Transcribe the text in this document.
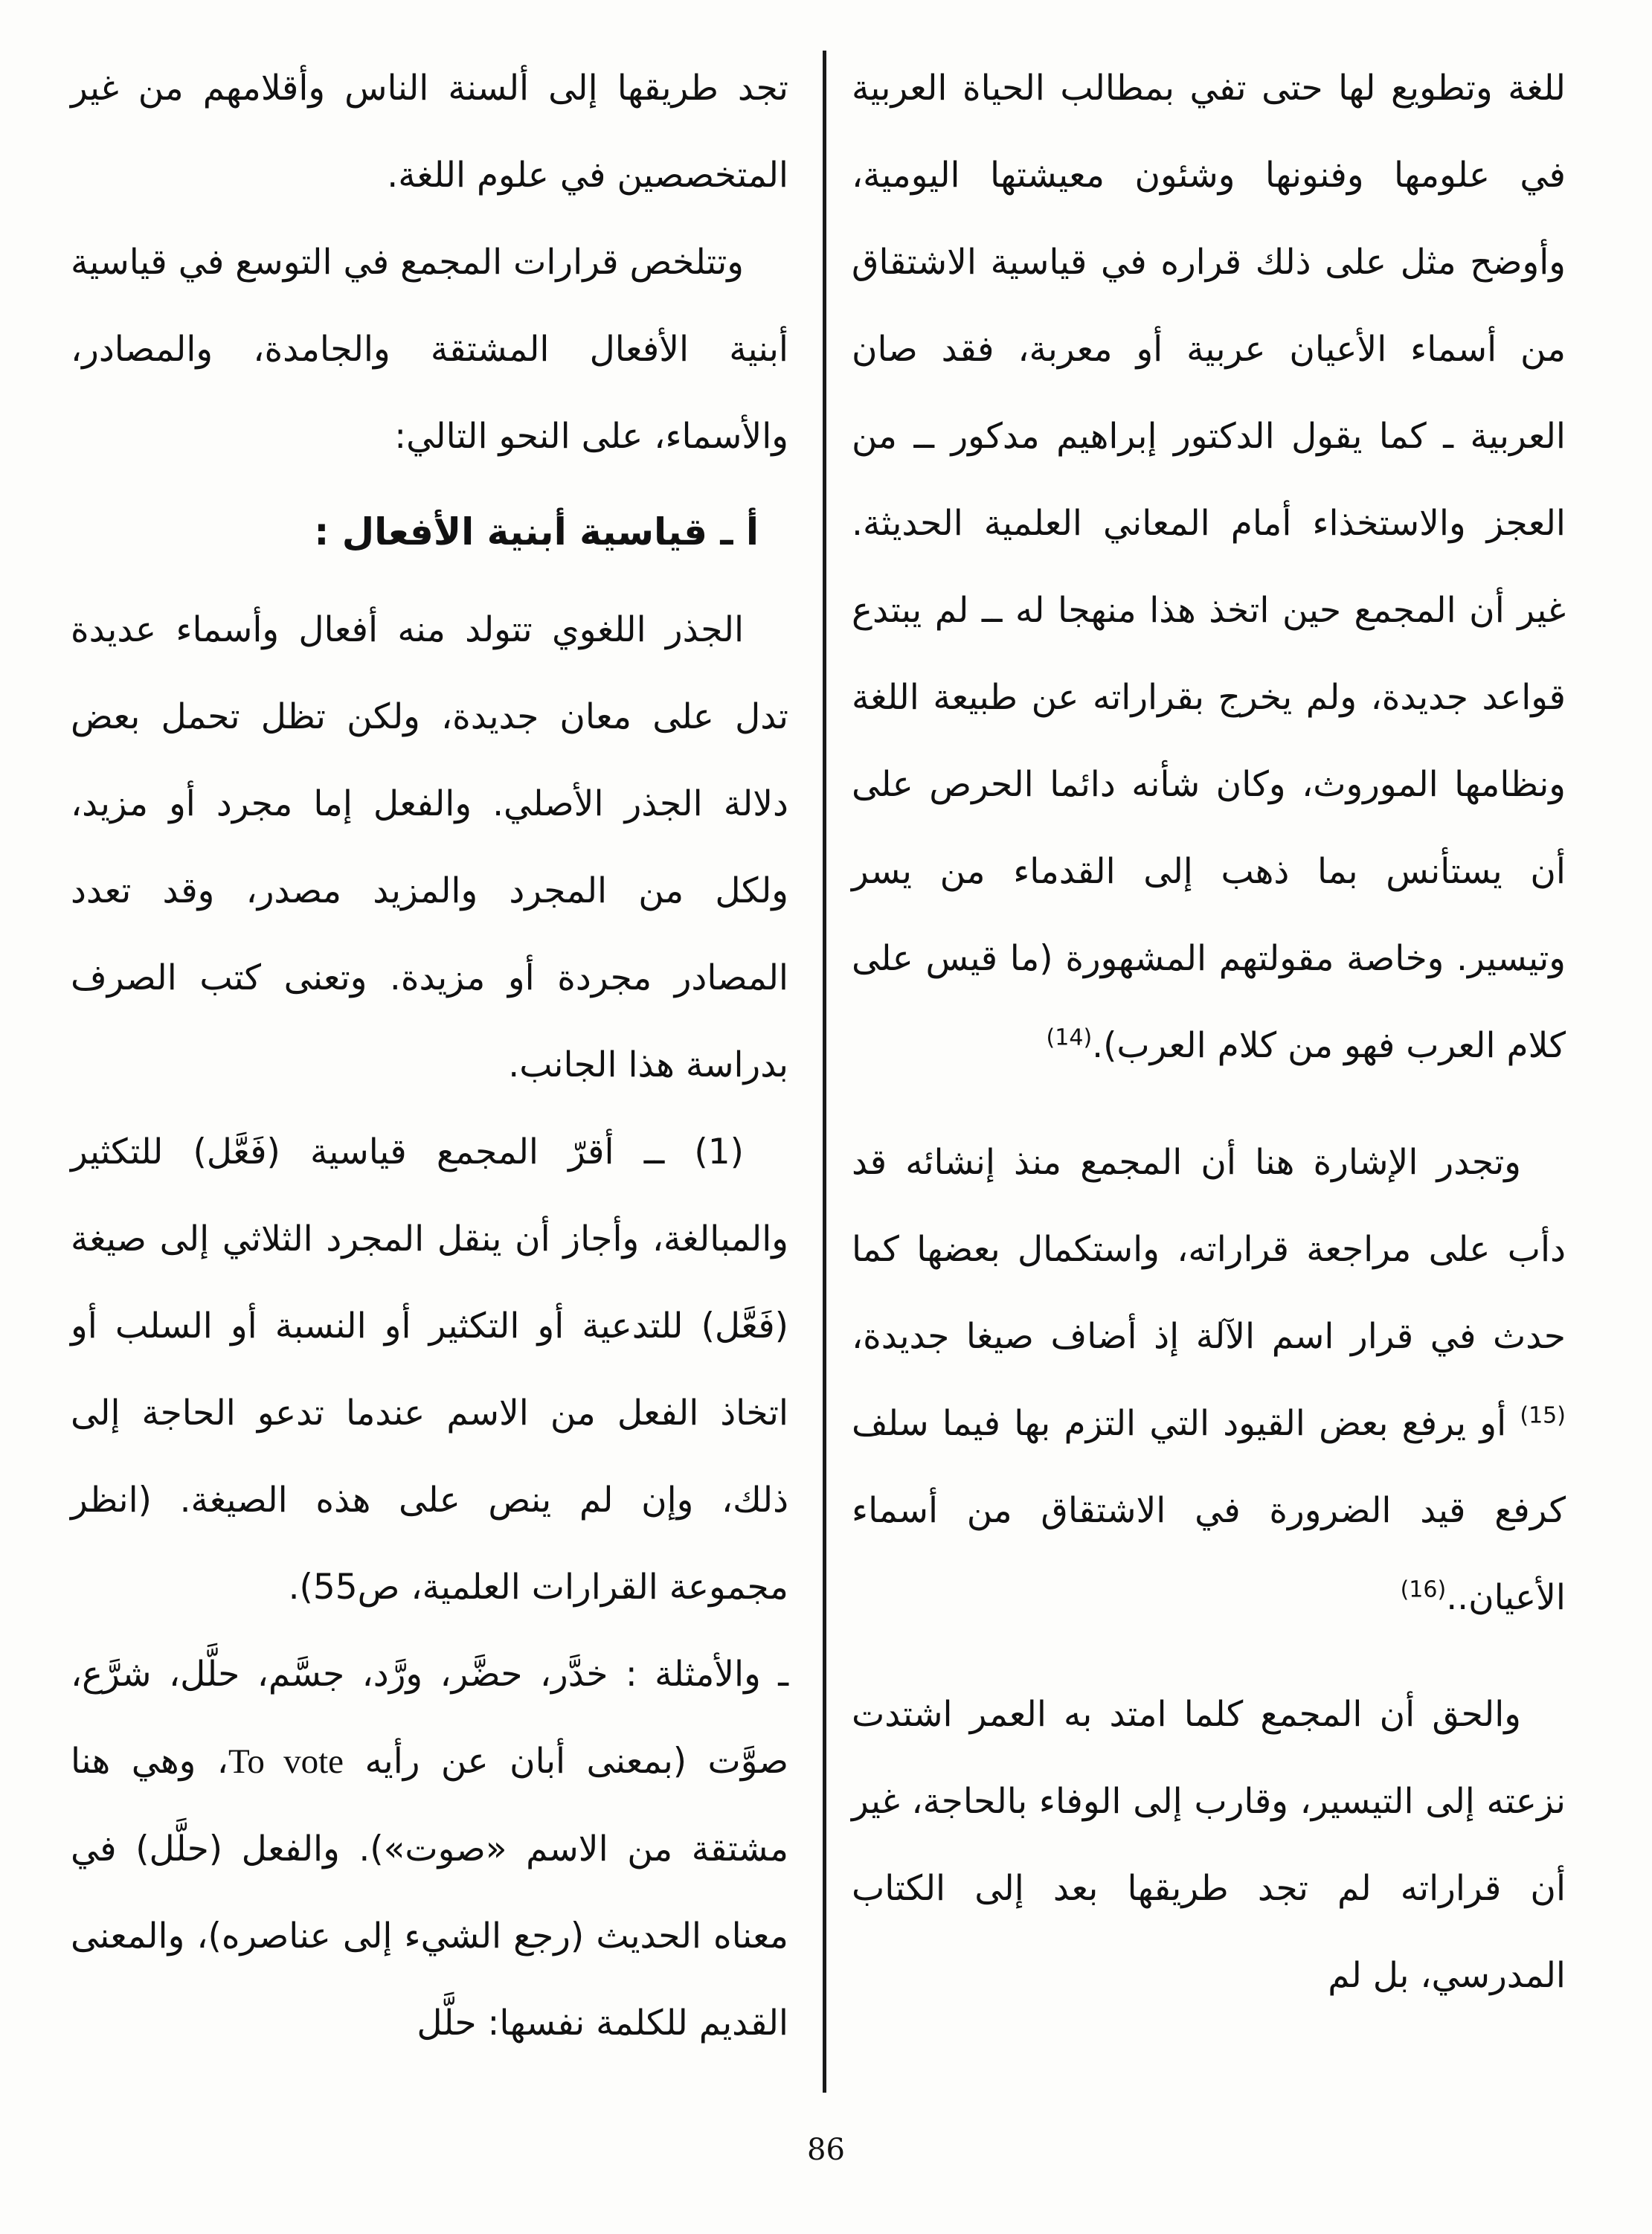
للغة وتطويع لها حتى تفي بمطالب الحياة العربية في علومها وفنونها وشئون معيشتها اليومية، وأوضح مثل على ذلك قراره في قياسية الاشتقاق من أسماء الأعيان عربية أو معربة، فقد صان العربية ـ كما يقول الدكتور إبراهيم مدكور ــ من العجز والاستخذاء أمام المعاني العلمية الحديثة. غير أن المجمع حين اتخذ هذا منهجا له ــ لم يبتدع قواعد جديدة، ولم يخرج بقراراته عن طبيعة اللغة ونظامها الموروث، وكان شأنه دائما الحرص على أن يستأنس بما ذهب إلى القدماء من يسر وتيسير. وخاصة مقولتهم المشهورة (ما قيس على كلام العرب فهو من كلام العرب).$^{(14)}$

وتجدر الإشارة هنا أن المجمع منذ إنشائه قد دأب على مراجعة قراراته، واستكمال بعضها كما حدث في قرار اسم الآلة إذ أضاف صيغا جديدة،$^{(15)}$ أو يرفع بعض القيود التي التزم بها فيما سلف كرفع قيد الضرورة في الاشتقاق من أسماء الأعيان..$^{(16)}$

والحق أن المجمع كلما امتد به العمر اشتدت نزعته إلى التيسير، وقارب إلى الوفاء بالحاجة، غير أن قراراته لم تجد طريقها بعد إلى الكتاب المدرسي، بل لم

تجد طريقها إلى ألسنة الناس وأقلامهم من غير المتخصصين في علوم اللغة.

وتتلخص قرارات المجمع في التوسع في قياسية أبنية الأفعال المشتقة والجامدة، والمصادر، والأسماء، على النحو التالي:

أ ـ قياسية أبنية الأفعال :

الجذر اللغوي تتولد منه أفعال وأسماء عديدة تدل على معان جديدة، ولكن تظل تحمل بعض دلالة الجذر الأصلي. والفعل إما مجرد أو مزيد، ولكل من المجرد والمزيد مصدر، وقد تعدد المصادر مجردة أو مزيدة. وتعنى كتب الصرف بدراسة هذا الجانب.

(1) ــ أقرّ المجمع قياسية (فَعَّل) للتكثير والمبالغة، وأجاز أن ينقل المجرد الثلاثي إلى صيغة (فَعَّل) للتدعية أو التكثير أو النسبة أو السلب أو اتخاذ الفعل من الاسم عندما تدعو الحاجة إلى ذلك، وإن لم ينص على هذه الصيغة. (انظر مجموعة القرارات العلمية، ص55).

ـ والأمثلة : خدَّر، حضَّر، ورَّد، جسَّم، حلَّل، شرَّع، صوَّت (بمعنى أبان عن رأيه To vote، وهي هنا مشتقة من الاسم «صوت»). والفعل (حلَّل) في معناه الحديث (رجع الشيء إلى عناصره)، والمعنى القديم للكلمة نفسها: حلَّل

86
